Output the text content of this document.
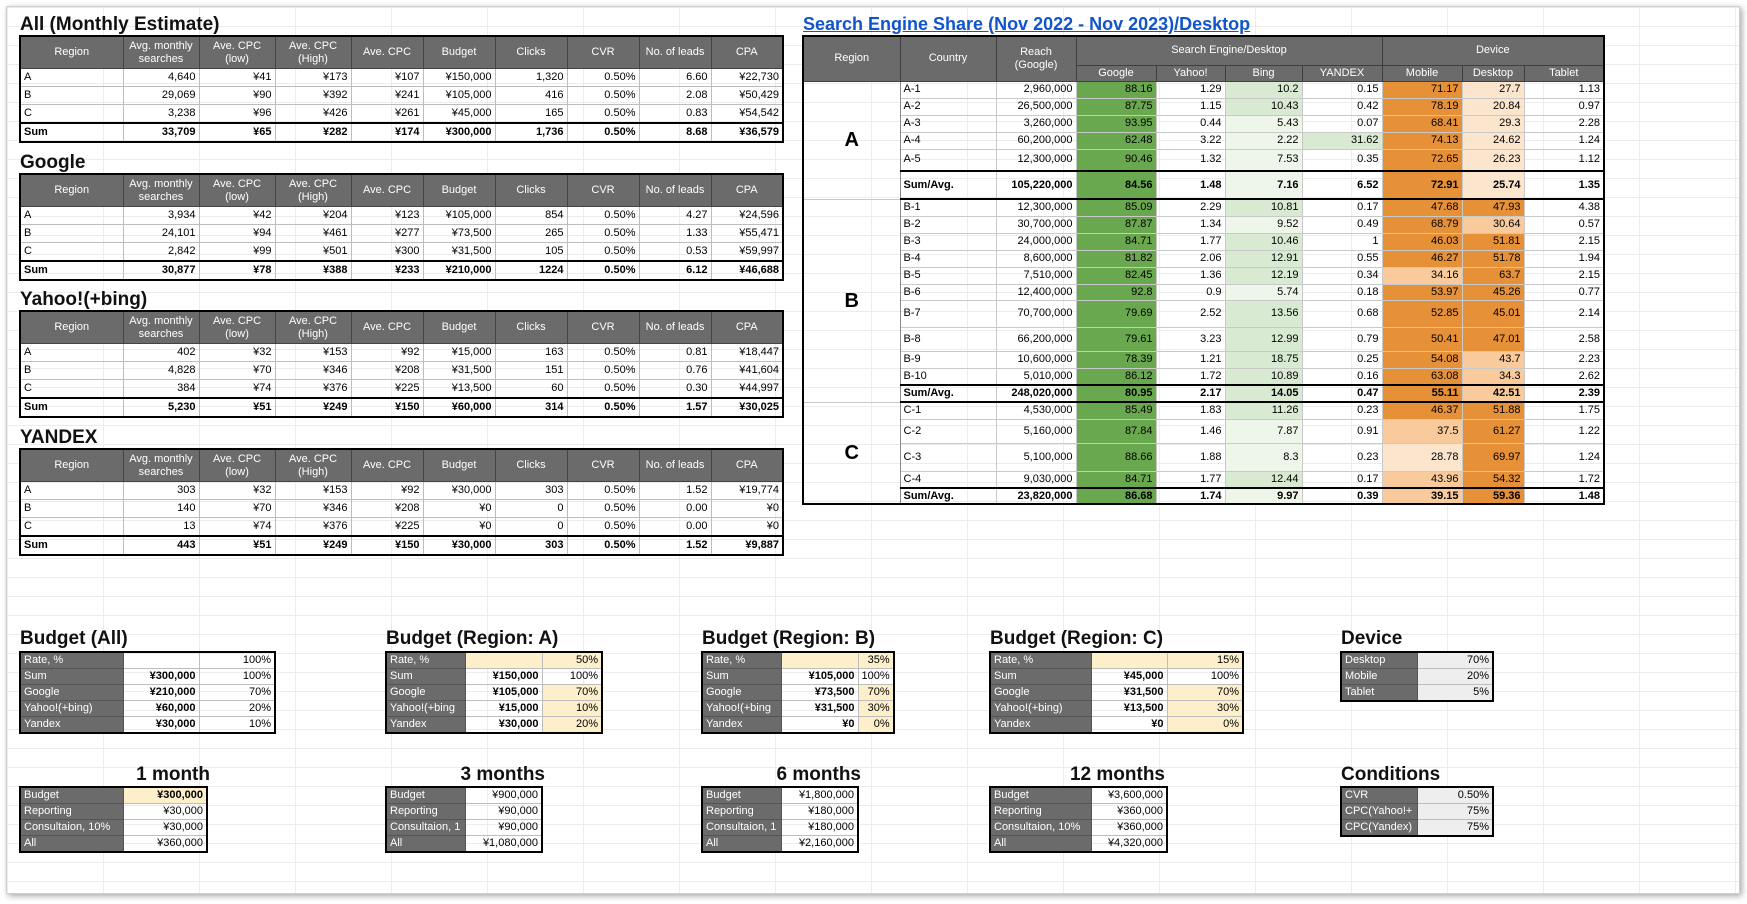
All (Monthly Estimate)
Region	Avg. monthly searches	Ave. CPC (low)	Ave. CPC (High)	Ave. CPC	Budget	Clicks	CVR	No. of leads	CPA
A	4,640	¥41	¥173	¥107	¥150,000	1,320	0.50%	6.60	¥22,730
B	29,069	¥90	¥392	¥241	¥105,000	416	0.50%	2.08	¥50,429
C	3,238	¥96	¥426	¥261	¥45,000	165	0.50%	0.83	¥54,542
Sum	33,709	¥65	¥282	¥174	¥300,000	1,736	0.50%	8.68	¥36,579
Google
Region	Avg. monthly searches	Ave. CPC (low)	Ave. CPC (High)	Ave. CPC	Budget	Clicks	CVR	No. of leads	CPA
A	3,934	¥42	¥204	¥123	¥105,000	854	0.50%	4.27	¥24,596
B	24,101	¥94	¥461	¥277	¥73,500	265	0.50%	1.33	¥55,471
C	2,842	¥99	¥501	¥300	¥31,500	105	0.50%	0.53	¥59,997
Sum	30,877	¥78	¥388	¥233	¥210,000	1224	0.50%	6.12	¥46,688
Yahoo!(+bing)
Region	Avg. monthly searches	Ave. CPC (low)	Ave. CPC (High)	Ave. CPC	Budget	Clicks	CVR	No. of leads	CPA
A	402	¥32	¥153	¥92	¥15,000	163	0.50%	0.81	¥18,447
B	4,828	¥70	¥346	¥208	¥31,500	151	0.50%	0.76	¥41,604
C	384	¥74	¥376	¥225	¥13,500	60	0.50%	0.30	¥44,997
Sum	5,230	¥51	¥249	¥150	¥60,000	314	0.50%	1.57	¥30,025
YANDEX
Region	Avg. monthly searches	Ave. CPC (low)	Ave. CPC (High)	Ave. CPC	Budget	Clicks	CVR	No. of leads	CPA
A	303	¥32	¥153	¥92	¥30,000	303	0.50%	1.52	¥19,774
B	140	¥70	¥346	¥208	¥0	0	0.50%	0.00	¥0
C	13	¥74	¥376	¥225	¥0	0	0.50%	0.00	¥0
Sum	443	¥51	¥249	¥150	¥30,000	303	0.50%	1.52	¥9,887
Search Engine Share (Nov 2022 - Nov 2023)/Desktop
Region	Country	Reach (Google)	Search Engine/Desktop				Device		
			Google	Yahoo!	Bing	YANDEX	Mobile	Desktop	Tablet
A	A-1	2,960,000	88.16	1.29	10.2	0.15	71.17	27.7	1.13
	A-2	26,500,000	87.75	1.15	10.43	0.42	78.19	20.84	0.97
	A-3	3,260,000	93.95	0.44	5.43	0.07	68.41	29.3	2.28
	A-4	60,200,000	62.48	3.22	2.22	31.62	74.13	24.62	1.24
	A-5	12,300,000	90.46	1.32	7.53	0.35	72.65	26.23	1.12
	Sum/Avg.	105,220,000	84.56	1.48	7.16	6.52	72.91	25.74	1.35
B	B-1	12,300,000	85.09	2.29	10.81	0.17	47.68	47.93	4.38
	B-2	30,700,000	87.87	1.34	9.52	0.49	68.79	30.64	0.57
	B-3	24,000,000	84.71	1.77	10.46	1	46.03	51.81	2.15
	B-4	8,600,000	81.82	2.06	12.91	0.55	46.27	51.78	1.94
	B-5	7,510,000	82.45	1.36	12.19	0.34	34.16	63.7	2.15
	B-6	12,400,000	92.8	0.9	5.74	0.18	53.97	45.26	0.77
	B-7	70,700,000	79.69	2.52	13.56	0.68	52.85	45.01	2.14
	B-8	66,200,000	79.61	3.23	12.99	0.79	50.41	47.01	2.58
	B-9	10,600,000	78.39	1.21	18.75	0.25	54.08	43.7	2.23
	B-10	5,010,000	86.12	1.72	10.89	0.16	63.08	34.3	2.62
	Sum/Avg.	248,020,000	80.95	2.17	14.05	0.47	55.11	42.51	2.39
C	C-1	4,530,000	85.49	1.83	11.26	0.23	46.37	51.88	1.75
	C-2	5,160,000	87.84	1.46	7.87	0.91	37.5	61.27	1.22
	C-3	5,100,000	88.66	1.88	8.3	0.23	28.78	69.97	1.24
	C-4	9,030,000	84.71	1.77	12.44	0.17	43.96	54.32	1.72
	Sum/Avg.	23,820,000	86.68	1.74	9.97	0.39	39.15	59.36	1.48
Budget (All)
Rate, %		100%
Sum	¥300,000	100%
Google	¥210,000	70%
Yahoo!(+bing)	¥60,000	20%
Yandex	¥30,000	10%
Budget (Region: A)
Rate, %		50%
Sum	¥150,000	100%
Google	¥105,000	70%
Yahoo!(+bing	¥15,000	10%
Yandex	¥30,000	20%
Budget (Region: B)
Rate, %		35%
Sum	¥105,000	100%
Google	¥73,500	70%
Yahoo!(+bing	¥31,500	30%
Yandex	¥0	0%
Budget (Region: C)
Rate, %		15%
Sum	¥45,000	100%
Google	¥31,500	70%
Yahoo!(+bing)	¥13,500	30%
Yandex	¥0	0%
Device
Desktop	70%
Mobile	20%
Tablet	5%
1 month
Budget	¥300,000
Reporting	¥30,000
Consultaion, 10%	¥30,000
All	¥360,000
3 months
Budget	¥900,000
Reporting	¥90,000
Consultaion, 1	¥90,000
All	¥1,080,000
6 months
Budget	¥1,800,000
Reporting	¥180,000
Consultaion, 1	¥180,000
All	¥2,160,000
12 months
Budget	¥3,600,000
Reporting	¥360,000
Consultaion, 10%	¥360,000
All	¥4,320,000
Conditions
CVR	0.50%
CPC(Yahoo!+	75%
CPC(Yandex)	75%
